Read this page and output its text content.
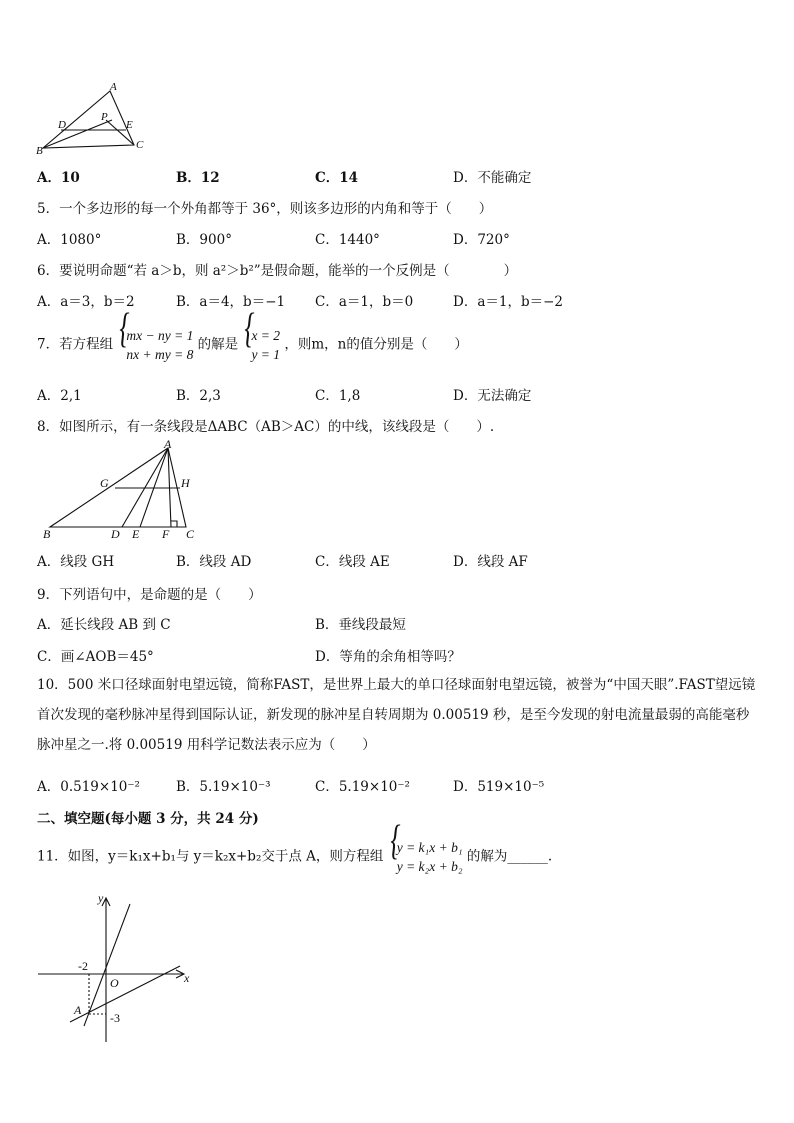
A
B	C
D	E
P
A．10	B．12	C．14	D．不能确定
5．一个多边形的每一个外角都等于 36°，则该多边形的内角和等于（　　）
A．1080°	B．900°	C．1440°	D．720°
6．要说明命题“若 a＞b，则 a²＞b²”是假命题，能举的一个反例是（　　　　）
A．a＝3，b＝2	B．a＝4，b＝−1 C．a＝1，b＝0	D．a＝1，b＝−2
7．若方程组
{ mx − ny = 1
nx + my = 8
的解是
{ x = 2
y = 1
，则m，n的值分别是（　　）
A．2,1	B．2,3	C．1,8	D．无法确定
8．如图所示，有一条线段是ΔABC（AB＞AC）的中线，该线段是（　　）.
A
B	C
D E F
G	H
A．线段 GH	B．线段 AD	C．线段 AE	D．线段 AF
9．下列语句中，是命题的是（　　）
A．延长线段 AB 到 C	B．垂线段最短
C．画∠AOB＝45°	D．等角的余角相等吗？
10．500 米口径球面射电望远镜，简称FAST，是世界上最大的单口径球面射电望远镜，被誉为“中国天眼”.FAST望远镜首次发现的毫秒脉冲星得到国际认证，新发现的脉冲星自转周期为 0.00519 秒，是至今发现的射电流量最弱的高能毫秒脉冲星之一.将 0.00519 用科学记数法表示应为（　　）
A．0.519×10⁻²	B．5.19×10⁻³	C．5.19×10⁻²	D．519×10⁻⁵
二、填空题(每小题 3 分，共 24 分)
11．如图，y＝k₁x+b₁与 y＝k₂x+b₂交于点 A，则方程组
{ y = k₁x + b₁
y = k₂x + b₂
的解为______.
y
x
O
A
-2
-3
